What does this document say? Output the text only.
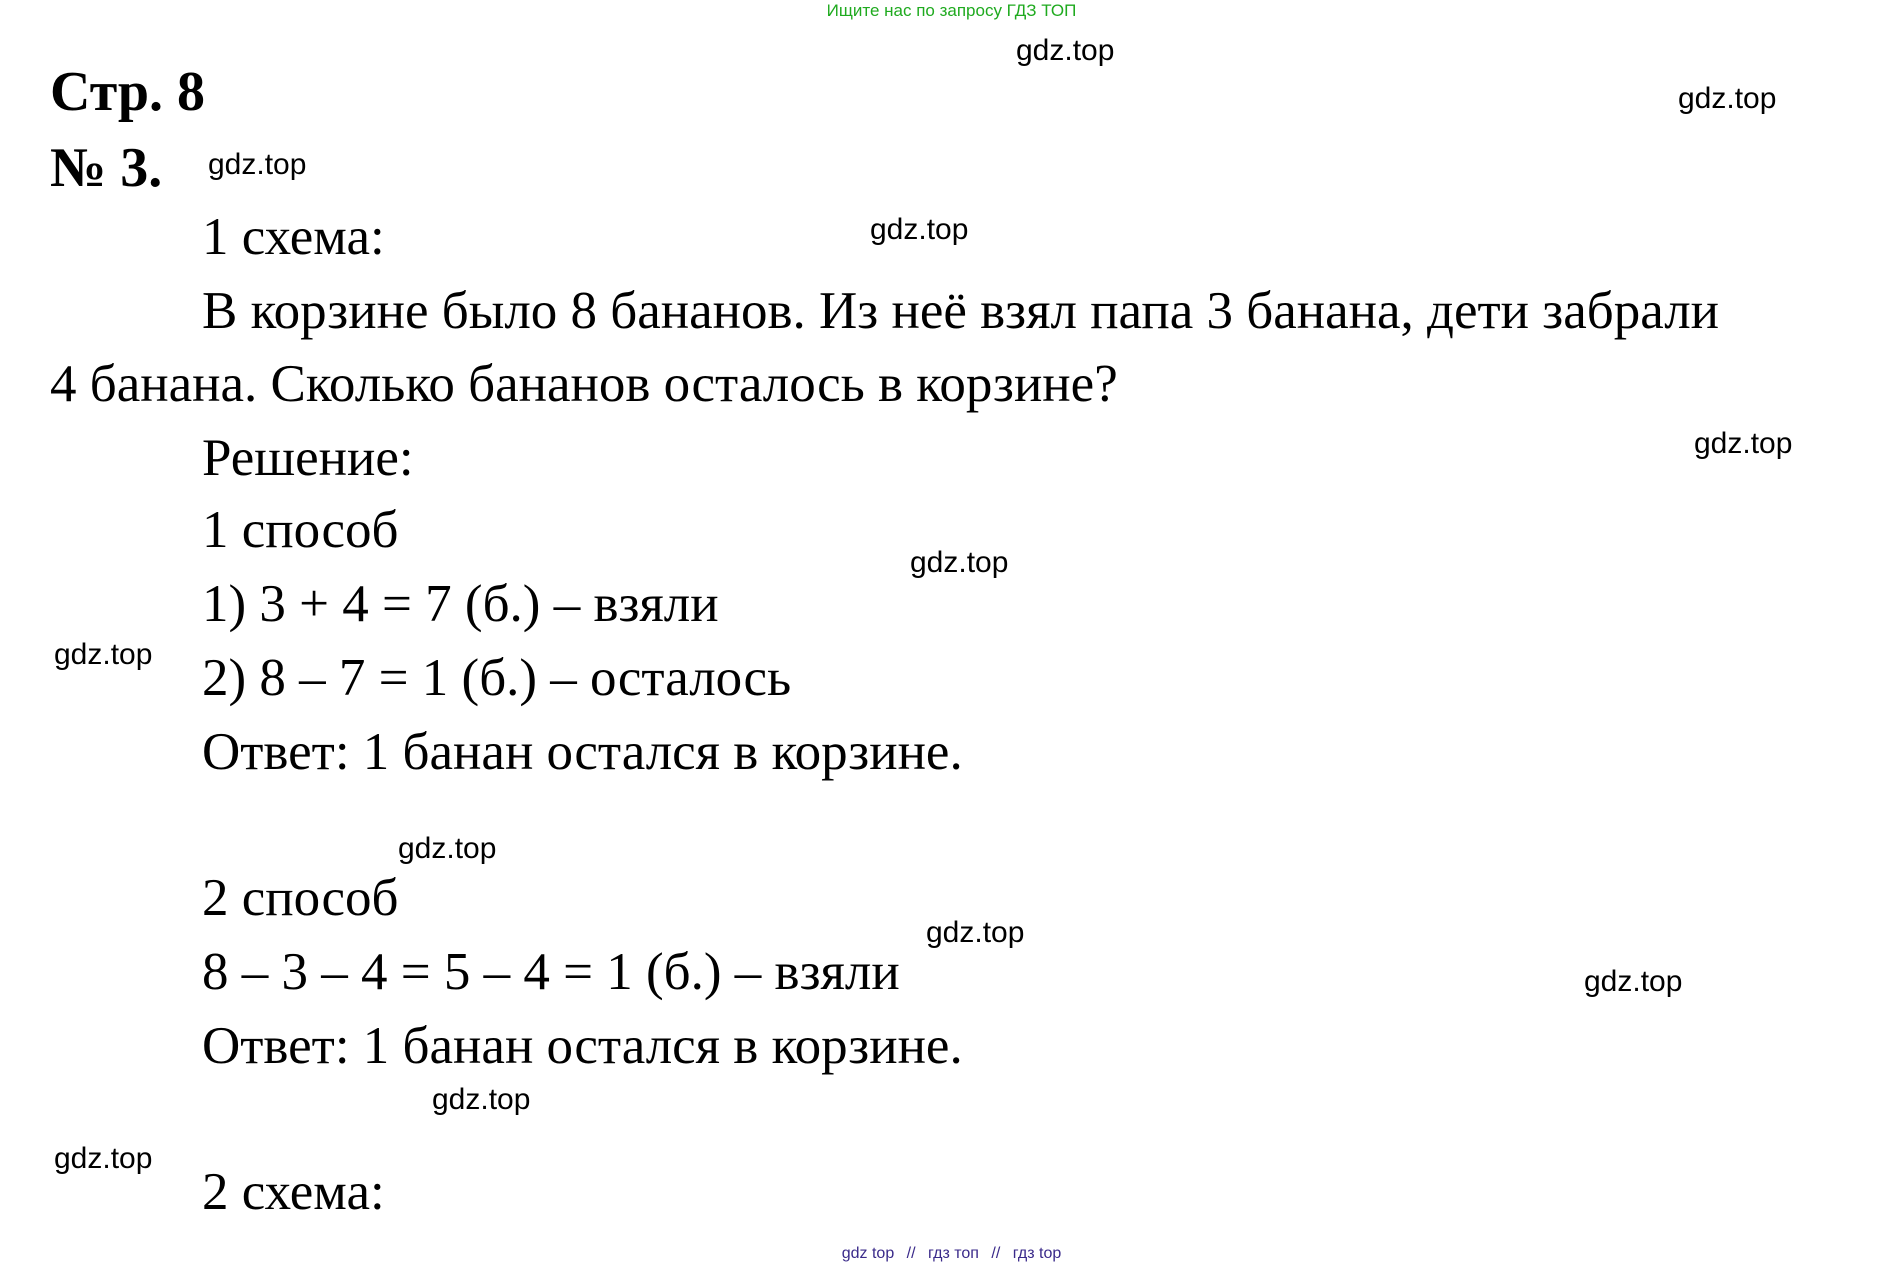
Ищите нас по запросу ГДЗ ТОП
Стр. 8
№ 3.
1 схема:
В корзине было 8 бананов. Из неё взял папа 3 банана, дети забрали
4 банана. Сколько бананов осталось в корзине?
Решение:
1 способ
1) 3 + 4 = 7 (б.) – взяли
2) 8 – 7 = 1 (б.) – осталось
Ответ: 1 банан остался в корзине.
2 способ
8 – 3 – 4 = 5 – 4 = 1 (б.) – взяли
Ответ: 1 банан остался в корзине.
2 схема:
gdz.top
gdz.top
gdz.top
gdz.top
gdz.top
gdz.top
gdz.top
gdz.top
gdz.top
gdz.top
gdz.top
gdz.top
gdz top // гдз топ // гдз top
